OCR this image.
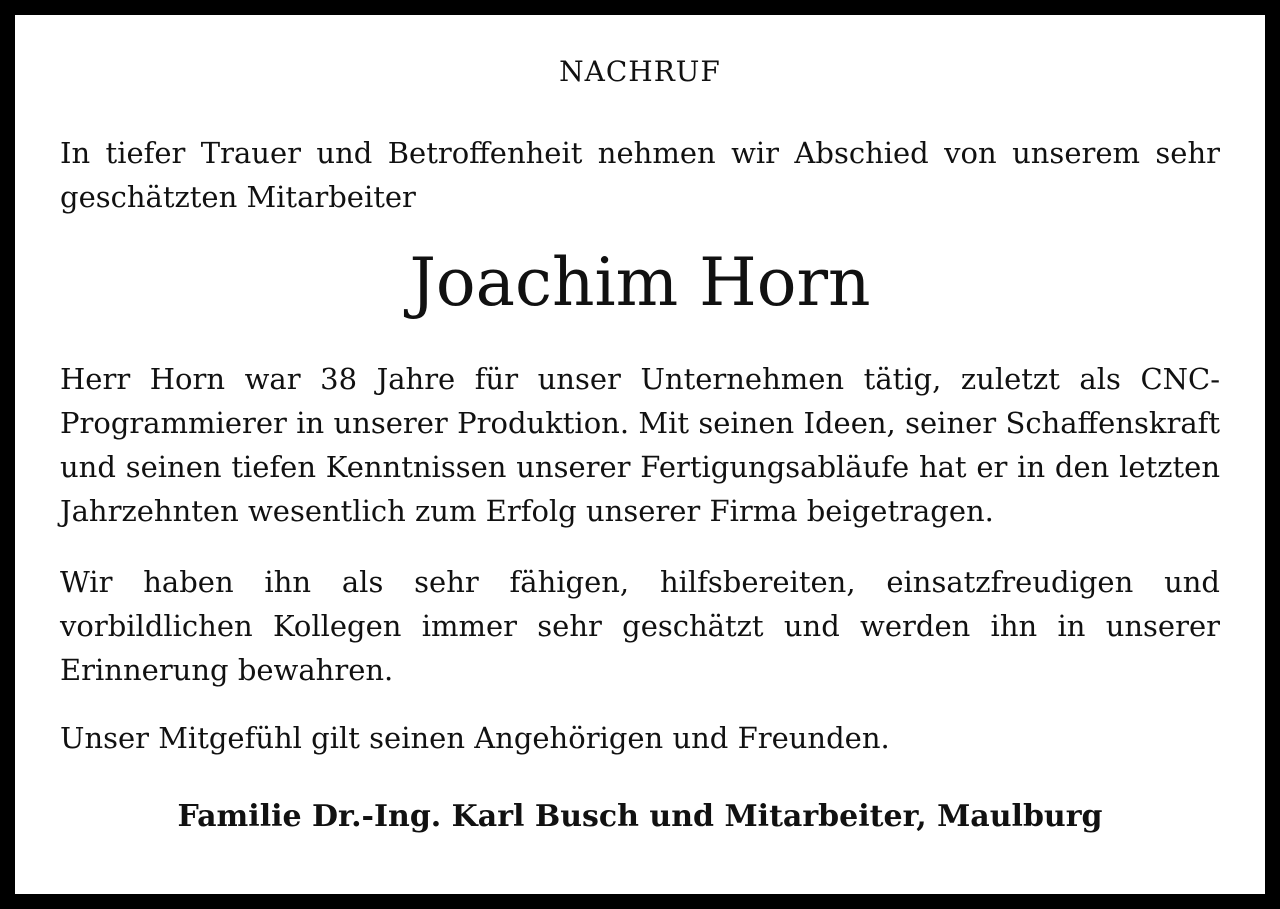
NACHRUF
In tiefer Trauer und Betroffenheit nehmen wir Abschied von unserem sehr geschätzten Mitarbeiter
Joachim Horn
Herr Horn war 38 Jahre für unser Unternehmen tätig, zuletzt als CNC-Programmierer in unserer Produktion. Mit seinen Ideen, seiner Schaffenskraft und seinen tiefen Kenntnissen unserer Fertigungsabläufe hat er in den letzten Jahrzehnten wesentlich zum Erfolg unserer Firma beigetragen.
Wir haben ihn als sehr fähigen, hilfsbereiten, einsatzfreudigen und vorbildlichen Kollegen immer sehr geschätzt und werden ihn in unserer Erinnerung bewahren.
Unser Mitgefühl gilt seinen Angehörigen und Freunden.
Familie Dr.-Ing. Karl Busch und Mitarbeiter, Maulburg
